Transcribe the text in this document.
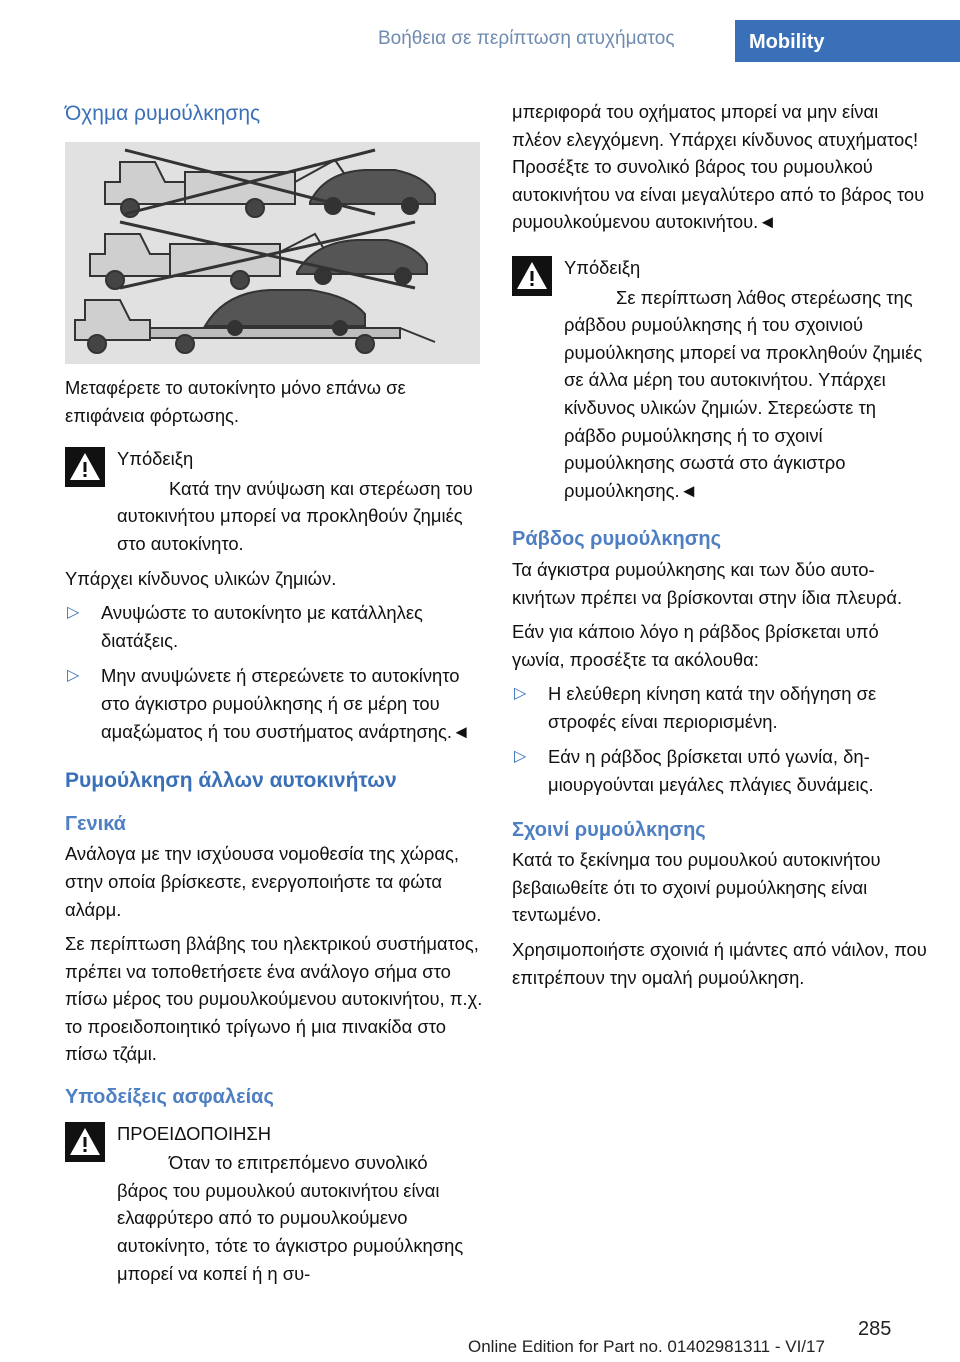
Βοήθεια σε περίπτωση ατυχήματος	Mobility
Όχημα ρυμούλκησης

Μεταφέρετε το αυτοκίνητο μόνο επάνω σε επιφάνεια φόρτωσης.

Υπόδειξη

Κατά την ανύψωση και στερέωση του αυτοκινήτου μπορεί να προκληθούν ζημιές στο αυτοκίνητο.

Υπάρχει κίνδυνος υλικών ζημιών.

▷ Ανυψώστε το αυτοκίνητο με κατάλληλες διατάξεις.
▷ Μην ανυψώνετε ή στερεώνετε το αυτοκίνητο στο άγκιστρο ρυμούλκησης ή σε μέρη του αμαξώματος ή του συστήματος ανάρτησης.◄
Ρυμούλκηση άλλων αυτοκινήτων
Γενικά

Ανάλογα με την ισχύουσα νομοθεσία της χώρας, στην οποία βρίσκεστε, ενεργοποιήστε τα φώτα αλάρμ.

Σε περίπτωση βλάβης του ηλεκτρικού συστήματος, πρέπει να τοποθετήσετε ένα ανάλογο σήμα στο πίσω μέρος του ρυμουλκούμενου αυτοκινήτου, π.χ. το προειδοποιητικό τρίγωνο ή μια πινακίδα στο πίσω τζάμι.

Υποδείξεις ασφαλείας
ΠΡΟΕΙΔΟΠΟΙΗΣΗ

Όταν το επιτρεπόμενο συνολικό βάρος του ρυμουλκού αυτοκινήτου είναι ελαφρύτερο από το ρυμουλκούμενο αυτοκίνητο, τότε το άγκιστρο ρυμούλκησης μπορεί να κοπεί ή η συ-

μπεριφορά του οχήματος μπορεί να μην είναι πλέον ελεγχόμενη. Υπάρχει κίνδυνος ατυχήματος! Προσέξτε το συνολικό βάρος του ρυμουλκού αυτοκινήτου να είναι μεγαλύτερο από το βάρος του ρυμουλκούμενου αυτοκινήτου.◄

Υπόδειξη

Σε περίπτωση λάθος στερέωσης της ράβδου ρυμούλκησης ή του σχοινιού ρυμούλκησης μπορεί να προκληθούν ζημιές σε άλλα μέρη του αυτοκινήτου. Υπάρχει κίνδυνος υλικών ζημιών. Στερεώστε τη ράβδο ρυμούλκησης ή το σχοινί ρυμούλκησης σωστά στο άγκιστρο ρυμούλκησης.◄

Ράβδος ρυμούλκησης

Τα άγκιστρα ρυμούλκησης και των δύο αυτοκινήτων πρέπει να βρίσκονται στην ίδια πλευρά.

Εάν για κάποιο λόγο η ράβδος βρίσκεται υπό γωνία, προσέξτε τα ακόλουθα:

▷ Η ελεύθερη κίνηση κατά την οδήγηση σε στροφές είναι περιορισμένη.
▷ Εάν η ράβδος βρίσκεται υπό γωνία, δημιουργούνται μεγάλες πλάγιες δυνάμεις.
Σχοινί ρυμούλκησης

Κατά το ξεκίνημα του ρυμουλκού αυτοκινήτου βεβαιωθείτε ότι το σχοινί ρυμούλκησης είναι τεντωμένο.

Χρησιμοποιήστε σχοινιά ή ιμάντες από νάιλον, που επιτρέπουν την ομαλή ρυμούλκηση.

285
Online Edition for Part no. 01402981311 - VI/17
